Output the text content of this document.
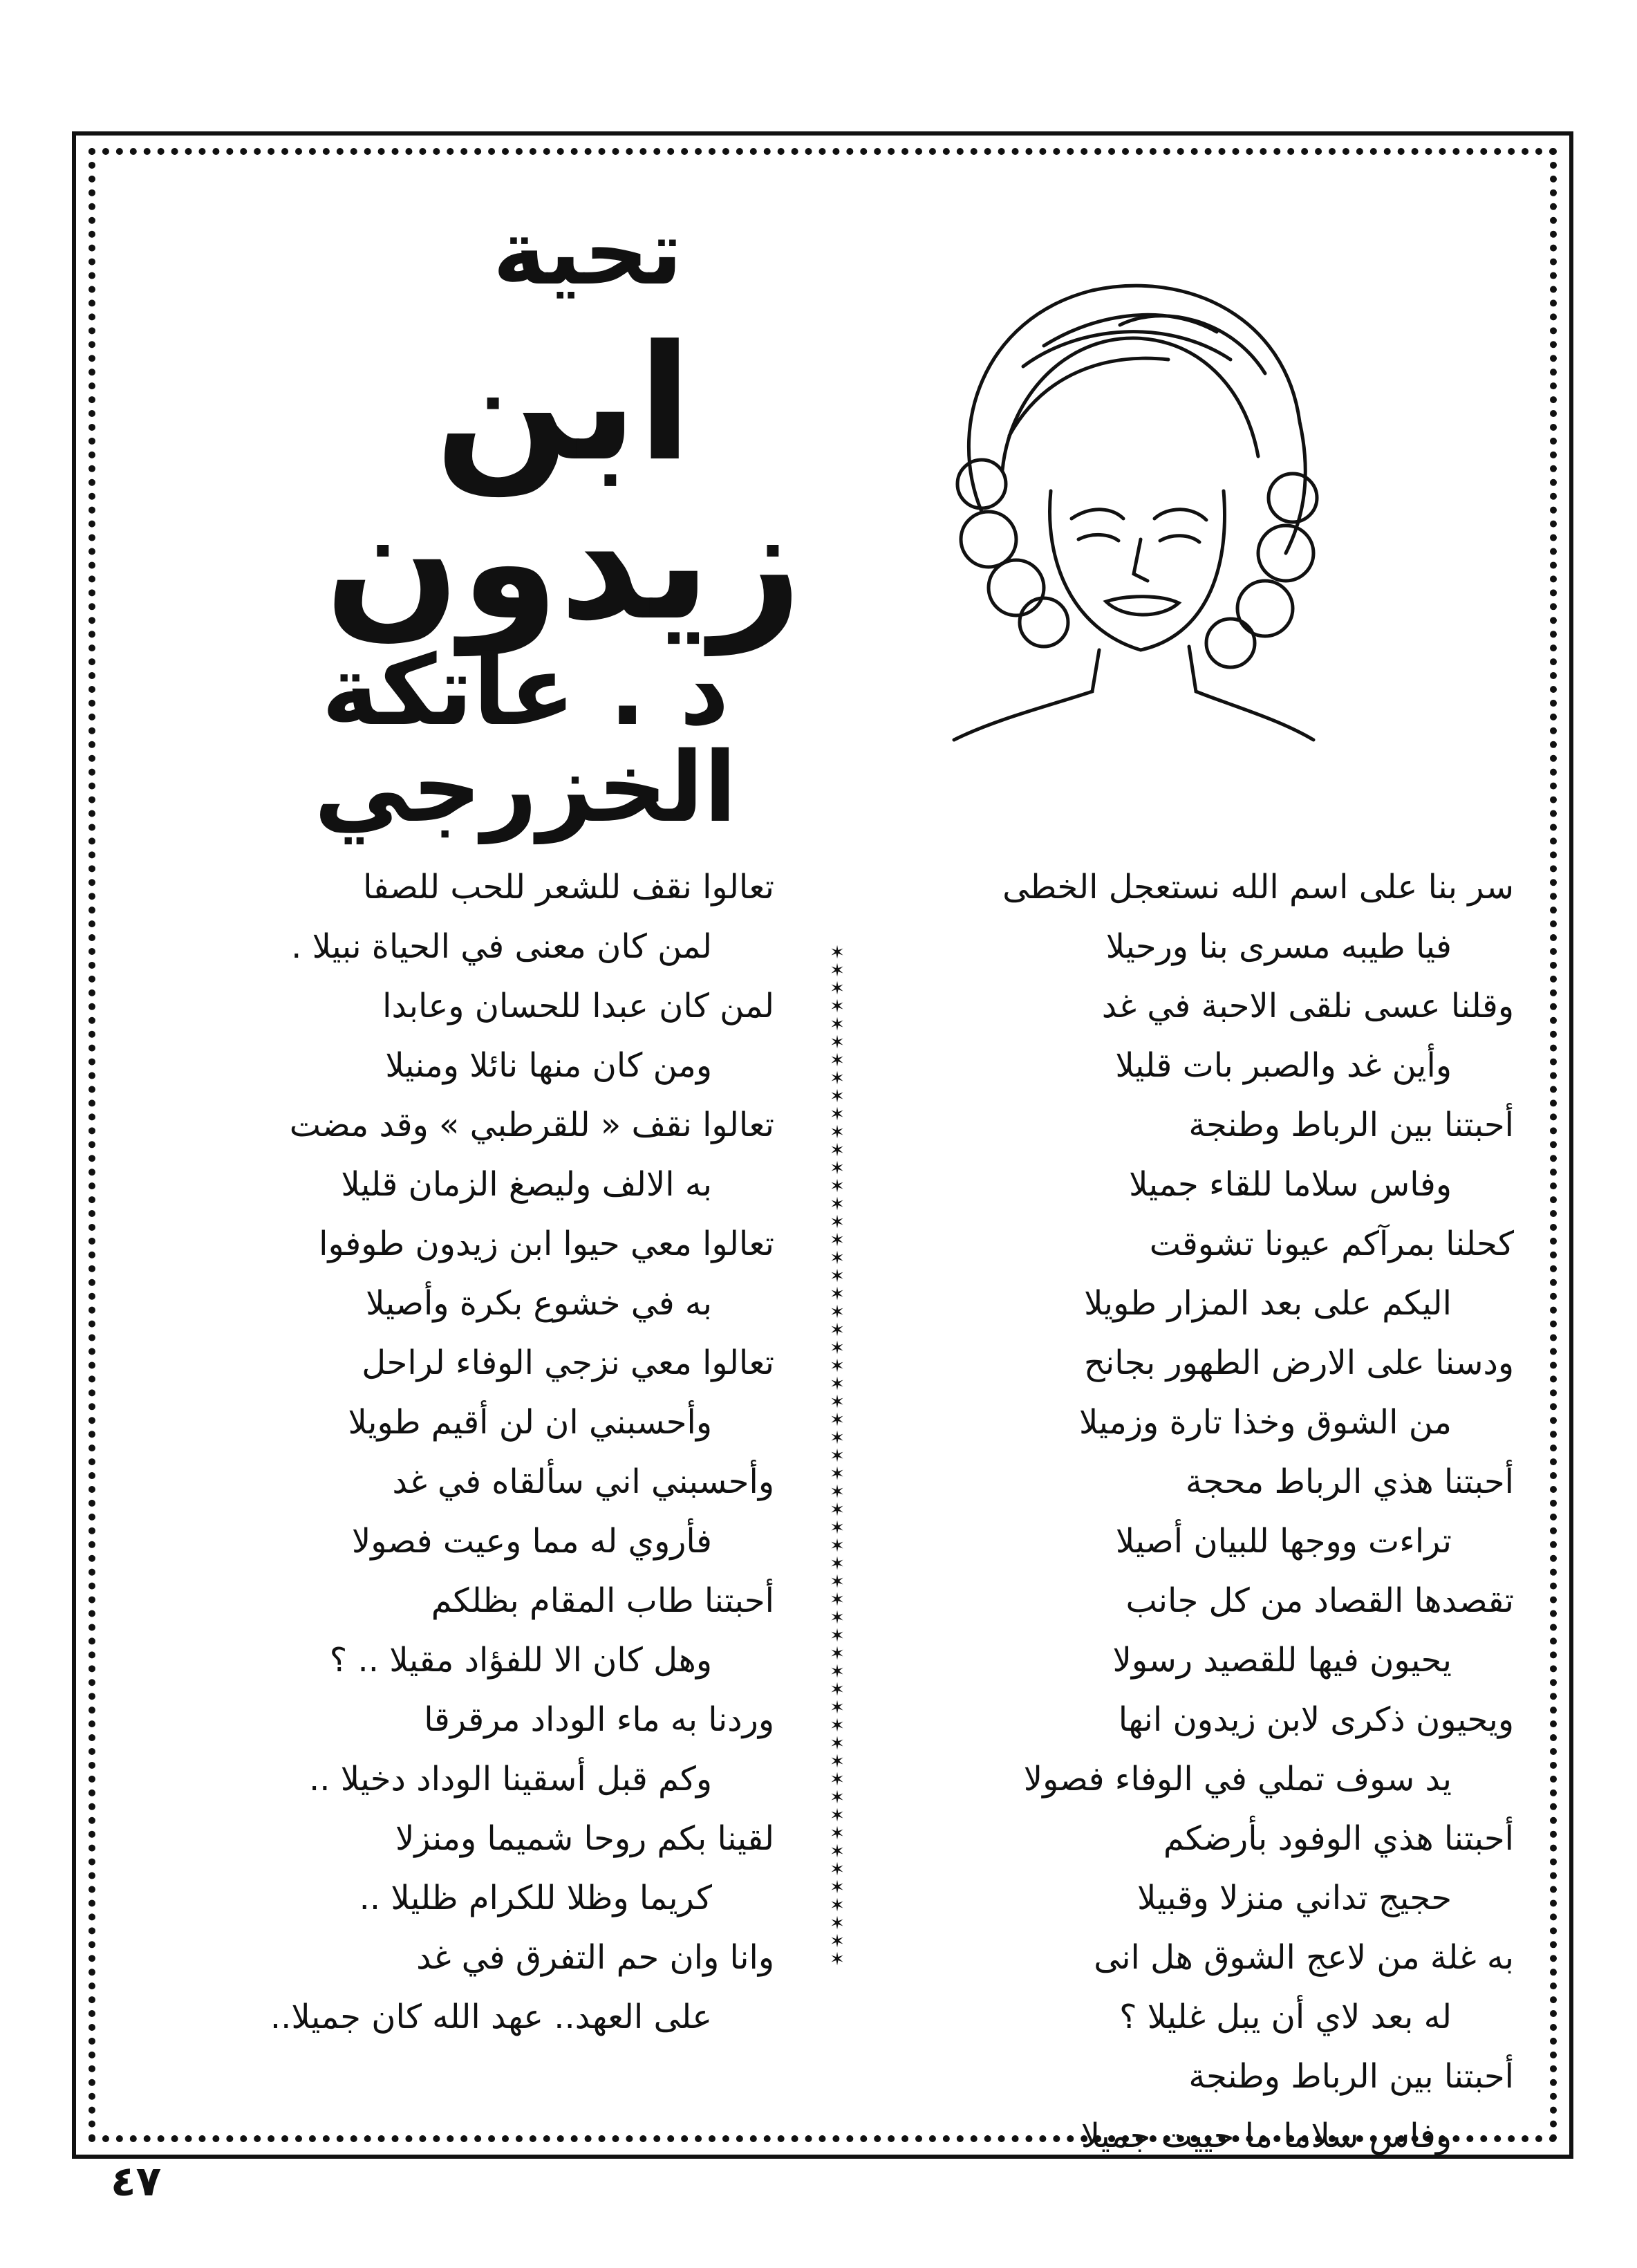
تحية
ابن زيدون
د . عاتكة الخزرجي
سر بنا على اسم الله نستعجل الخطى
فيا طيبه مسرى بنا ورحيلا
وقلنا عسى نلقى الاحبة في غد
وأين غد والصبر بات قليلا
أحبتنا بين الرباط وطنجة
وفاس سلاما للقاء جميلا
كحلنا بمرآكم عيونا تشوقت
اليكم على بعد المزار طويلا
ودسنا على الارض الطهور بجانح
من الشوق وخذا تارة وزميلا
أحبتنا هذي الرباط محجة
تراءت ووجها للبيان أصيلا
تقصدها القصاد من كل جانب
يحيون فيها للقصيد رسولا
ويحيون ذكرى لابن زيدون انها
يد سوف تملي في الوفاء فصولا
أحبتنا هذي الوفود بأرضكم
حجيج تداني منزلا وقبيلا
به غلة من لاعج الشوق هل انى
له بعد لاي أن يبل غليلا ؟
أحبتنا بين الرباط وطنجة
وفاس سلاما ما حييت جميلا
✶✶✶✶✶✶✶✶✶✶✶✶✶✶✶✶✶✶✶✶✶✶✶✶✶✶✶✶✶✶✶✶✶✶✶✶✶✶✶✶✶✶✶✶✶✶✶✶✶✶✶✶✶✶✶✶✶
تعالوا نقف للشعر للحب للصفا
لمن كان معنى في الحياة نبيلا .
لمن كان عبدا للحسان وعابدا
ومن كان منها نائلا ومنيلا
تعالوا نقف « للقرطبي » وقد مضت
به الالف وليصغ الزمان قليلا
تعالوا معي حيوا ابن زيدون طوفوا
به في خشوع بكرة وأصيلا
تعالوا معي نزجي الوفاء لراحل
وأحسبني ان لن أقيم طويلا
وأحسبني اني سألقاه في غد
فأروي له مما وعيت فصولا
أحبتنا طاب المقام بظلكم
وهل كان الا للفؤاد مقيلا .. ؟
وردنا به ماء الوداد مرقرقا
وكم قبل أسقينا الوداد دخيلا ..
لقينا بكم روحا شميما ومنزلا
كريما وظلا للكرام ظليلا ..
وانا وان حم التفرق في غد
على العهد.. عهد الله كان جميلا..
٤٧
